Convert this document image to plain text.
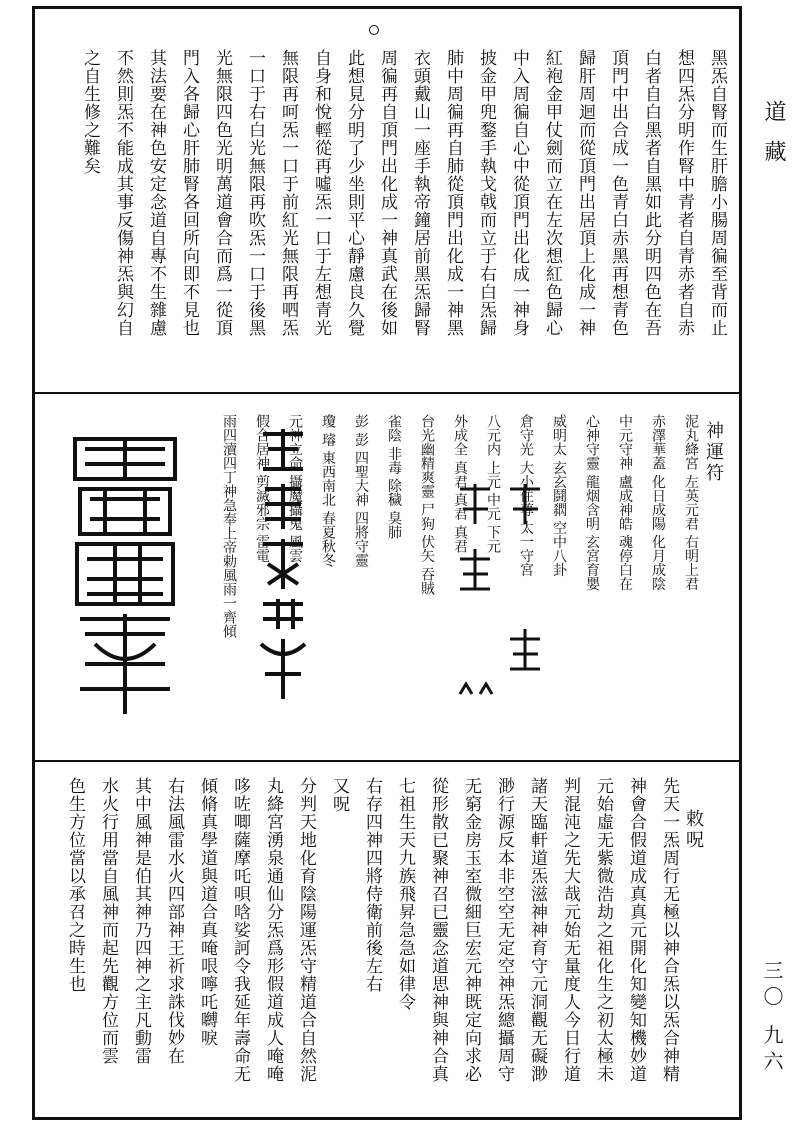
黑炁自腎而生肝膽小腸周徧至背而止
想四炁分明作腎中青者自青赤者自赤
白者自白黑者自黑如此分明四色在吾
頂門中出合成一色青白赤黑再想青色
歸肝周迴而從頂門出居頂上化成一神
紅袍金甲仗劍而立在左次想紅色歸心
中入周徧自心中從頂門出化成一神身
披金甲兜鍪手執戈戟而立于右白炁歸
肺中周徧再自肺從頂門出化成一神黑
衣頭戴山一座手執帝鐘居前黑炁歸腎
周徧再自頂門出化成一神真武在後如
此想見分明了少坐則平心靜慮良久覺
自身和悅輕從再噓炁一口于左想青光
無限再呵炁一口于前紅光無限再呬炁
一口于右白光無限再吹炁一口于後黑
光無限四色光明萬道會合而爲一從頂
門入各歸心肝肺腎各回所向即不見也
其法要在神色安定念道自專不生雜慮
不然則炁不能成其事反傷神炁與幻自
之自生修之難矣
神運符
泥丸絳宮 左英元君 右明上君
赤澤華蓋 化日成陽 化月成陰
中元守神 盧成神皓 魂停白在
心神守靈 龍烟含明 玄宮育嬰
威明太 玄玄鬪閷 空中八卦
倉守光 大小住尊 太一守宮
八元内 上元 中元 下元
外成全 真君 真君 真君
台光幽精爽靈 尸狗 伏矢 吞賊
雀陰 非毒 除穢 臭肺
彭 彭 四聖大神 四將守靈
瓊 璿 東西南北 春夏秋冬
元神立命 攝魔攝鬼 風雲
假合居神 剪滅邪宗 雷電
雨四瀆四丁神急奉上帝勅風雨一齊傾
敕呪
先天一炁周行无極以神合炁以炁合神精
神會合假道成真真元開化知變知機妙道
元始虛无紫微浩劫之祖化生之初太極未
判混沌之先大哉元始无量度人今日行道
諸天臨軒道炁滋神神育守元洞觀无礙渺
渺行源反本非空空无定空神炁總攝周守
无窮金房玉室微細巨宏元神既定向求必
從形散已聚神召已靈念道思神與神合真
七祖生天九族飛昇急急如律令
右存四神四將侍衛前後左右
又呪
分判天地化育陰陽運炁守精道合自然泥
丸絳宮湧泉通仙分炁爲形假道成人唵唵
哆咗唧薩摩吒唄唅娑訶令我延年壽命无
傾脩真學道與道合真唵哏嚀吒嚩唳
右法風雷水火四部神王祈求誅伐妙在
其中風神是伯其神乃四神之主凡動雷
水火行用當自風神而起先觀方位而雲
色生方位當以承召之時生也
道藏
三〇 九六
